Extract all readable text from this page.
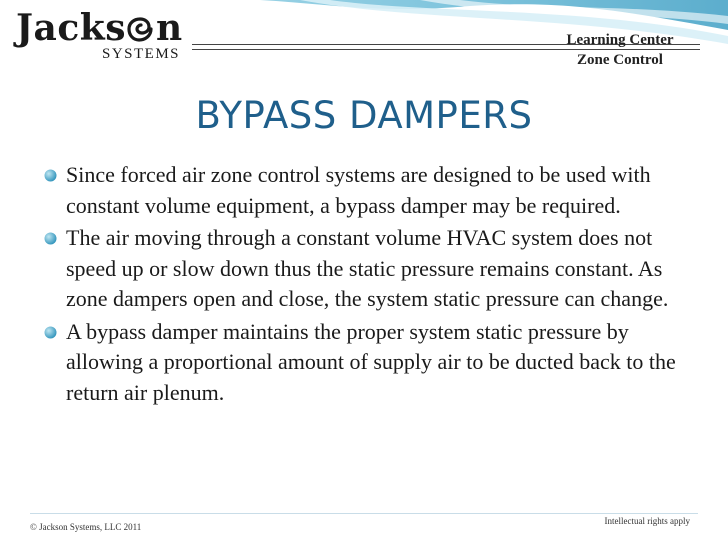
Jacks n
SYSTEMS
Learning Center
Zone Control
BYPASS DAMPERS
Since forced air zone control systems are designed to be used with constant volume equipment, a bypass damper may be required.
The air moving through a constant volume HVAC system does not speed up or slow down thus the static pressure remains constant. As zone dampers open and close, the system static pressure can change.
A bypass damper maintains the proper system static pressure by allowing a proportional amount of supply air to be ducted back to the return air plenum.
© Jackson Systems, LLC 2011
Intellectual rights apply
